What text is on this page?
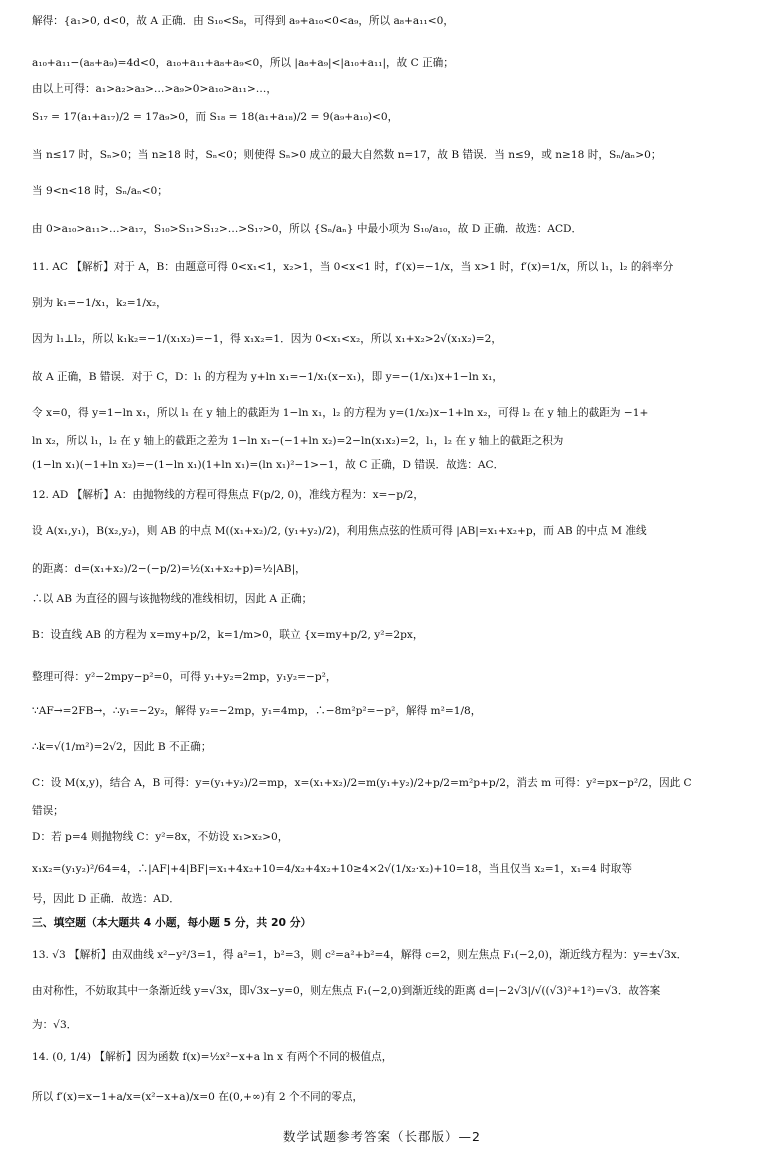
解得：{a₁>0, d<0，故 A 正确．由 S₁₀<S₈，可得到 a₉+a₁₀<0<a₉，所以 a₈+a₁₁<0，
a₁₀+a₁₁−(a₈+a₉)=4d<0，a₁₀+a₁₁+a₈+a₉<0，所以 |a₈+a₉|<|a₁₀+a₁₁|，故 C 正确；
由以上可得：a₁>a₂>a₃>…>a₉>0>a₁₀>a₁₁>…，
S₁₇ = 17(a₁+a₁₇)/2 = 17a₉>0，而 S₁₈ = 18(a₁+a₁₈)/2 = 9(a₉+a₁₀)<0，
当 n≤17 时，Sₙ>0；当 n≥18 时，Sₙ<0；则使得 Sₙ>0 成立的最大自然数 n=17，故 B 错误．当 n≤9，或 n≥18 时，Sₙ/aₙ>0；
当 9<n<18 时，Sₙ/aₙ<0；
由 0>a₁₀>a₁₁>…>a₁₇，S₁₀>S₁₁>S₁₂>…>S₁₇>0，所以 {Sₙ/aₙ} 中最小项为 S₁₀/a₁₀，故 D 正确．故选：ACD．
11. AC 【解析】对于 A，B：由题意可得 0<x₁<1，x₂>1，当 0<x<1 时，f′(x)=−1/x，当 x>1 时，f′(x)=1/x，所以 l₁，l₂ 的斜率分
别为 k₁=−1/x₁，k₂=1/x₂，
因为 l₁⊥l₂，所以 k₁k₂=−1/(x₁x₂)=−1，得 x₁x₂=1．因为 0<x₁<x₂，所以 x₁+x₂>2√(x₁x₂)=2，
故 A 正确，B 错误．对于 C，D：l₁ 的方程为 y+ln x₁=−1/x₁(x−x₁)，即 y=−(1/x₁)x+1−ln x₁，
令 x=0，得 y=1−ln x₁，所以 l₁ 在 y 轴上的截距为 1−ln x₁，l₂ 的方程为 y=(1/x₂)x−1+ln x₂，可得 l₂ 在 y 轴上的截距为 −1+
ln x₂，所以 l₁，l₂ 在 y 轴上的截距之差为 1−ln x₁−(−1+ln x₂)=2−ln(x₁x₂)=2，l₁，l₂ 在 y 轴上的截距之积为
(1−ln x₁)(−1+ln x₂)=−(1−ln x₁)(1+ln x₁)=(ln x₁)²−1>−1，故 C 正确，D 错误．故选：AC．
12. AD 【解析】A：由抛物线的方程可得焦点 F(p/2, 0)，准线方程为：x=−p/2，
设 A(x₁,y₁)，B(x₂,y₂)，则 AB 的中点 M((x₁+x₂)/2, (y₁+y₂)/2)，利用焦点弦的性质可得 |AB|=x₁+x₂+p，而 AB 的中点 M 准线
的距离：d=(x₁+x₂)/2−(−p/2)=½(x₁+x₂+p)=½|AB|，
∴以 AB 为直径的圆与该抛物线的准线相切，因此 A 正确；
B：设直线 AB 的方程为 x=my+p/2，k=1/m>0，联立 {x=my+p/2, y²=2px，
整理可得：y²−2mpy−p²=0，可得 y₁+y₂=2mp，y₁y₂=−p²，
∵AF→=2FB→，∴y₁=−2y₂，解得 y₂=−2mp，y₁=4mp，∴−8m²p²=−p²，解得 m²=1/8，
∴k=√(1/m²)=2√2，因此 B 不正确；
C：设 M(x,y)，结合 A，B 可得：y=(y₁+y₂)/2=mp，x=(x₁+x₂)/2=m(y₁+y₂)/2+p/2=m²p+p/2，消去 m 可得：y²=px−p²/2，因此 C
错误；
D：若 p=4 则抛物线 C：y²=8x，不妨设 x₁>x₂>0，
x₁x₂=(y₁y₂)²/64=4，∴|AF|+4|BF|=x₁+4x₂+10=4/x₂+4x₂+10≥4×2√(1/x₂·x₂)+10=18，当且仅当 x₂=1，x₁=4 时取等
号，因此 D 正确．故选：AD．
三、填空题（本大题共 4 小题，每小题 5 分，共 20 分）
13. √3 【解析】由双曲线 x²−y²/3=1，得 a²=1，b²=3，则 c²=a²+b²=4，解得 c=2，则左焦点 F₁(−2,0)，渐近线方程为：y=±√3x．
由对称性，不妨取其中一条渐近线 y=√3x，即√3x−y=0，则左焦点 F₁(−2,0)到渐近线的距离 d=|−2√3|/√((√3)²+1²)=√3．故答案
为：√3．
14. (0, 1/4) 【解析】因为函数 f(x)=½x²−x+a ln x 有两个不同的极值点，
所以 f′(x)=x−1+a/x=(x²−x+a)/x=0 在(0,+∞)有 2 个不同的零点，
数学试题参考答案（长郡版）—2
